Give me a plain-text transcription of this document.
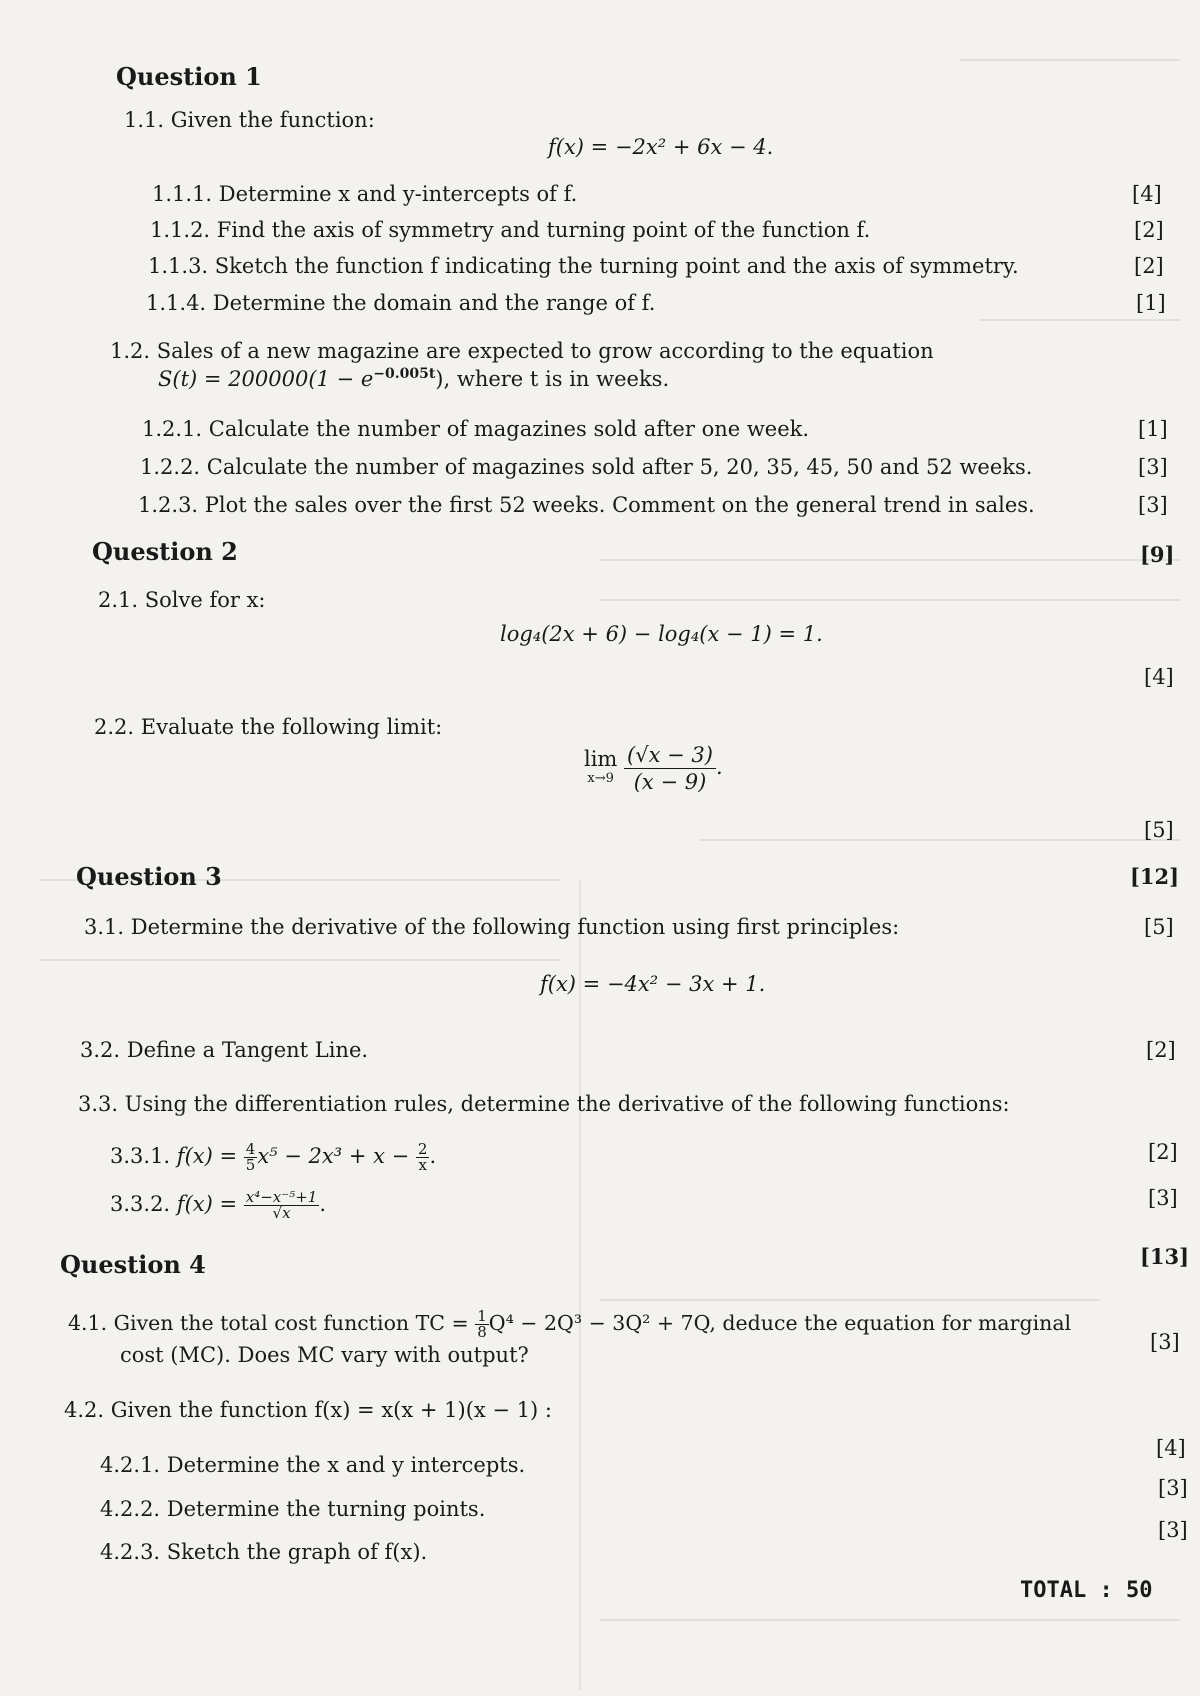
Question 1
1.1. Given the function:
f(x) = −2x² + 6x − 4.
1.1.1. Determine x and y-intercepts of f.	[4]
1.1.2. Find the axis of symmetry and turning point of the function f.	[2]
1.1.3. Sketch the function f indicating the turning point and the axis of symmetry.	[2]
1.1.4. Determine the domain and the range of f.	[1]
1.2. Sales of a new magazine are expected to grow according to the equation
$S(t) = 200000(1 - e^{-0.005t})$, where t is in weeks.
1.2.1. Calculate the number of magazines sold after one week.	[1]
1.2.2. Calculate the number of magazines sold after 5, 20, 35, 45, 50 and 52 weeks.	[3]
1.2.3. Plot the sales over the first 52 weeks. Comment on the general trend in sales.	[3]
Question 2	[9]
2.1. Solve for x:
log₄(2x + 6) − log₄(x − 1) = 1.
[4]
2.2. Evaluate the following limit:
lim
x→9
$\frac{(√x - 3)}{(x - 9)}$ .
[5]
Question 3	[12]
3.1. Determine the derivative of the following function using first principles:	[5]
f(x) = −4x² − 3x + 1.
3.2. Define a Tangent Line.	[2]
3.3. Using the differentiation rules, determine the derivative of the following functions:
3.3.1. $f(x) = \frac{4}{5} x^5 - 2x^3 + x - \frac{2}{x}$ .	[2]
3.3.2. $f(x) = \frac{\text{x⁴−x⁻⁵+1}}{√x}$ .	[3]
Question 4	[13]
4.1. Given the total cost function TC = $\frac{1}{8} Q^4 - 2Q^3 - 3Q^2 + 7Q$, deduce the equation for marginal
cost (MC). Does MC vary with output?
[3]
4.2. Given the function f(x) = x(x + 1)(x − 1) :
4.2.1. Determine the x and y intercepts.
[4]
4.2.2. Determine the turning points.
[3]
4.2.3. Sketch the graph of f(x).
[3]
TOTAL : 50
